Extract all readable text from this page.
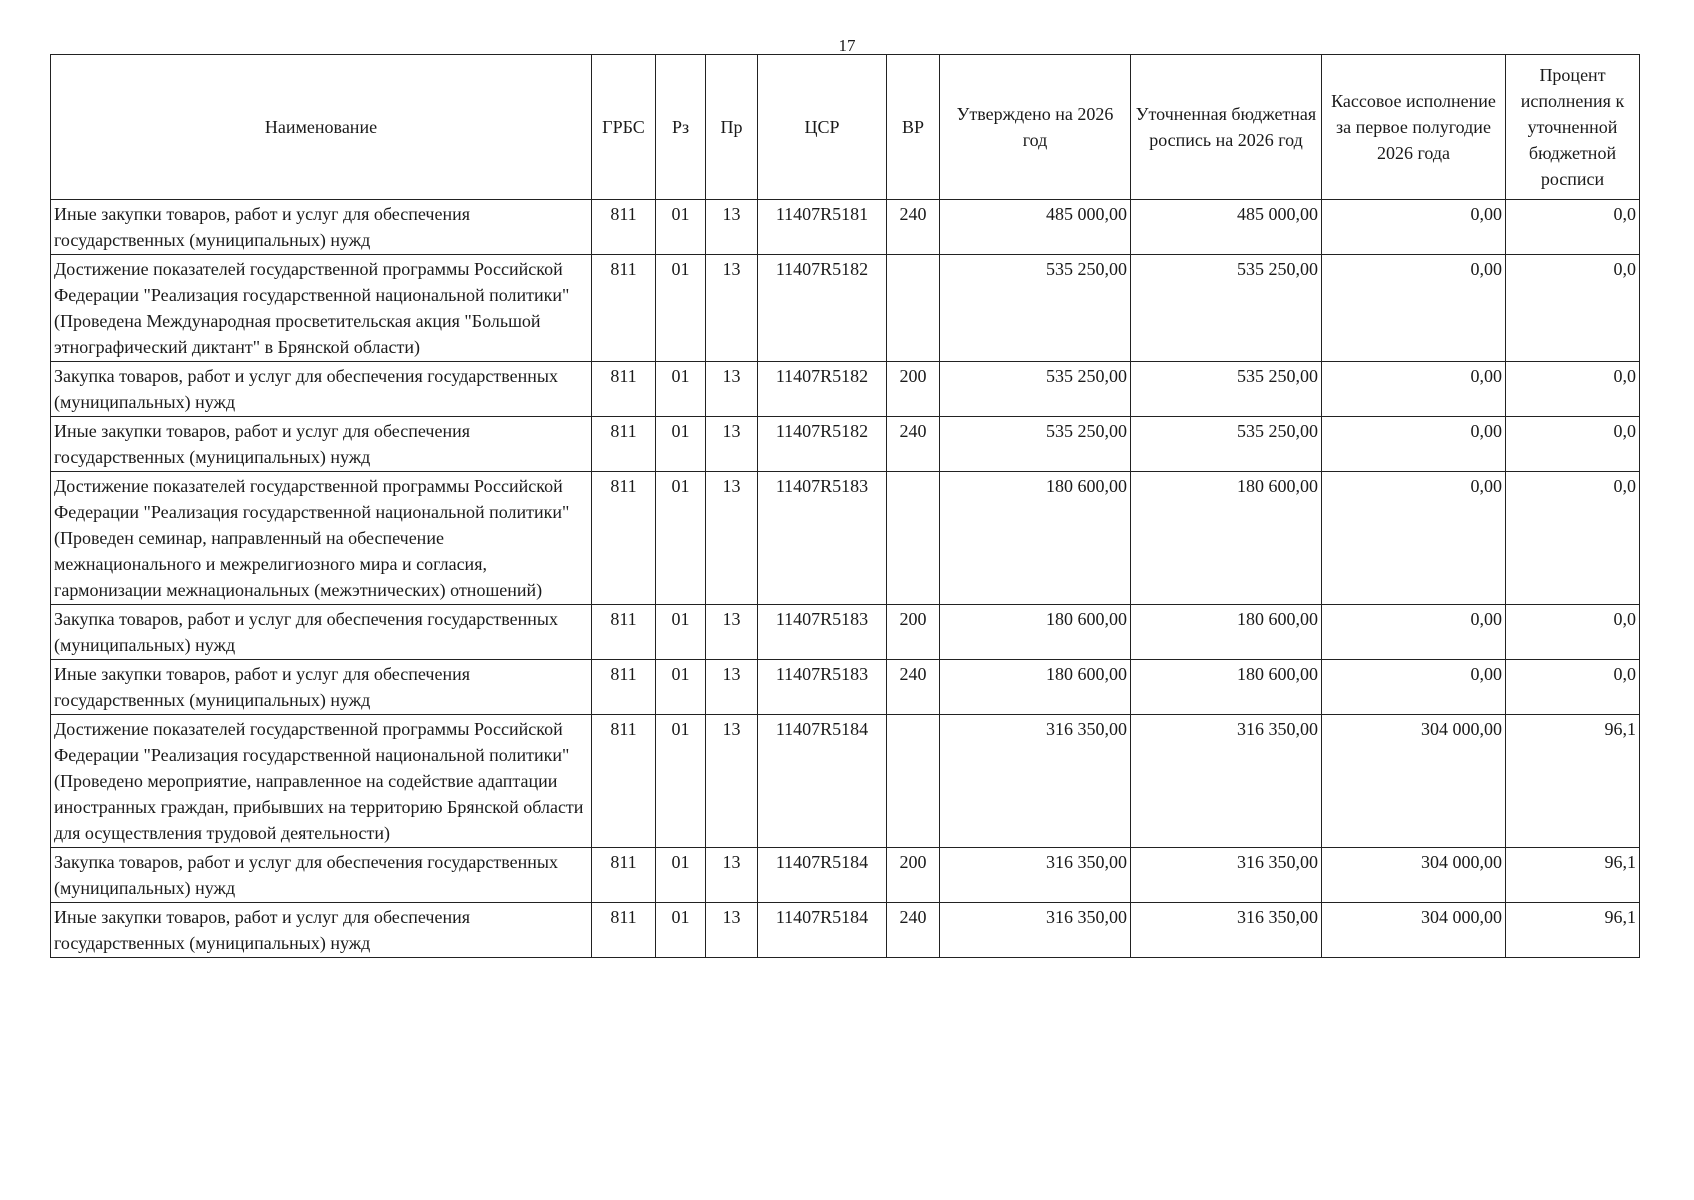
17
Наименование	ГРБС	Рз	Пр	ЦСР	ВР	Утверждено на 2026 год	Уточненная бюджетная роспись на 2026 год	Кассовое исполнение за первое полугодие 2026 года	Процент исполнения к уточненной бюджетной росписи
Иные закупки товаров, работ и услуг для обеспечения государственных (муниципальных) нужд	811	01	13	11407R5181	240	485 000,00	485 000,00	0,00	0,0
Достижение показателей государственной программы Российской Федерации "Реализация государственной национальной политики" (Проведена Международная просветительская акция "Большой этнографический диктант" в Брянской области)	811	01	13	11407R5182		535 250,00	535 250,00	0,00	0,0
Закупка товаров, работ и услуг для обеспечения государственных (муниципальных) нужд	811	01	13	11407R5182	200	535 250,00	535 250,00	0,00	0,0
Иные закупки товаров, работ и услуг для обеспечения государственных (муниципальных) нужд	811	01	13	11407R5182	240	535 250,00	535 250,00	0,00	0,0
Достижение показателей государственной программы Российской Федерации "Реализация государственной национальной политики" (Проведен семинар, направленный на обеспечение межнационального и межрелигиозного мира и согласия, гармонизации межнациональных (межэтнических) отношений)	811	01	13	11407R5183		180 600,00	180 600,00	0,00	0,0
Закупка товаров, работ и услуг для обеспечения государственных (муниципальных) нужд	811	01	13	11407R5183	200	180 600,00	180 600,00	0,00	0,0
Иные закупки товаров, работ и услуг для обеспечения государственных (муниципальных) нужд	811	01	13	11407R5183	240	180 600,00	180 600,00	0,00	0,0
Достижение показателей государственной программы Российской Федерации "Реализация государственной национальной политики" (Проведено мероприятие, направленное на содействие адаптации иностранных граждан, прибывших на территорию Брянской области для осуществления трудовой деятельности)	811	01	13	11407R5184		316 350,00	316 350,00	304 000,00	96,1
Закупка товаров, работ и услуг для обеспечения государственных (муниципальных) нужд	811	01	13	11407R5184	200	316 350,00	316 350,00	304 000,00	96,1
Иные закупки товаров, работ и услуг для обеспечения государственных (муниципальных) нужд	811	01	13	11407R5184	240	316 350,00	316 350,00	304 000,00	96,1
